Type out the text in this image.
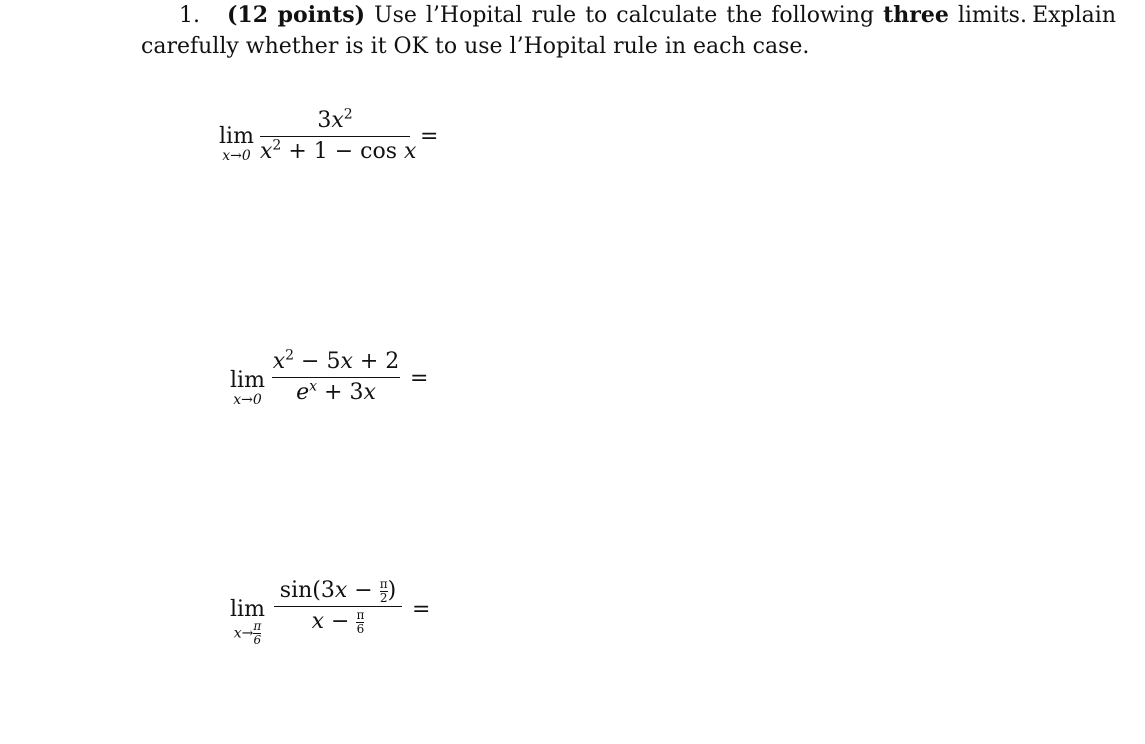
1. (12 points) Use l’Hopital rule to calculate the following three limits. Explain
carefully whether is it OK to use l’Hopital rule in each case.
lim
x→0
$3x^2$
$x^2 + 1 - \cos x$
=
lim
x→0
$x^2 - 5x + 2$
$e^x + 3x$
=
lim
$x\to\frac{\pi}{6}$
$\sin(3x - \frac{\pi}{2})$
$x - \frac{\pi}{6}$	=
